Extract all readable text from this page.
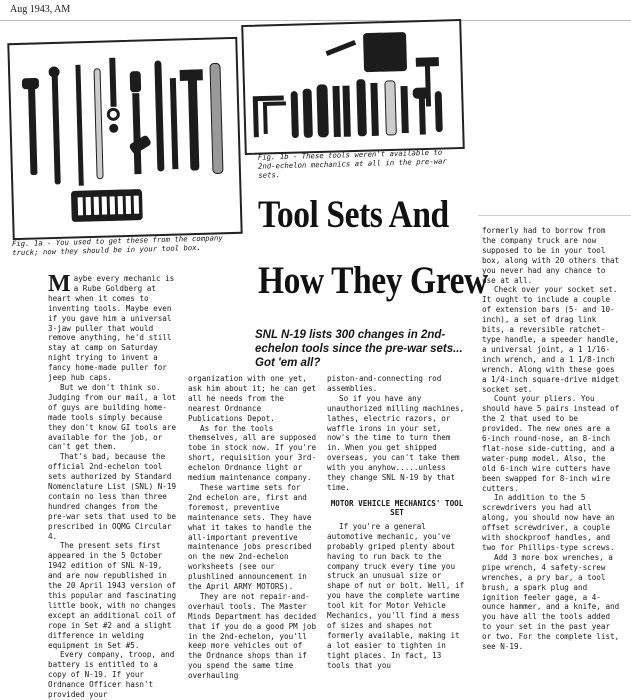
Aug 1943, AM
Fig. 1a - You used to get these from the company truck; now they should be in your tool box.
Fig. 1b - These tools weren't available to 2nd-echelon mechanics at all in the pre-war sets.
Tool Sets And
How They Grew
SNL N-19 lists 300 changes in 2nd-echelon tools since the pre-war sets... Got 'em all?

Maybe every mechanic is a Rube Goldberg at heart when it comes to inventing tools. Maybe even if you gave him a universal 3-jaw puller that would remove anything, he'd still stay at camp on Saturday night trying to invent a fancy home-made puller for jeep hub caps.

But we don't think so. Judging from our mail, a lot of guys are building home-made tools simply because they don't know GI tools are available for the job, or can't get them.

That's bad, because the official 2nd-echelon tool sets authorized by Standard Nomenclature List (SNL) N-19 contain no less than three hundred changes from the pre-war sets that used to be prescribed in OQMG Circular 4.

The present sets first appeared in the 5 October 1942 edition of SNL N-19, and are now republished in the 20 April 1943 version of this popular and fascinating little book, with no changes except an additional coil of rope in Set #2 and a slight difference in welding equipment in Set #5.

Every company, troop, and battery is entitled to a copy of N-19. If your Ordnance Officer hasn't provided your

organization with one yet, ask him about it; he can get all he needs from the nearest Ordnance Publications Depot.

As for the tools themselves, all are supposed tobe in stock now. If you're short, requisition your 3rd-echelon Ordnance light or medium maintenance company.

These wartime sets for 2nd echelon are, first and foremost, preventive maintenance sets. They have what it takes to handle the all-important preventive maintenance jobs prescribed on the new 2nd-echelon worksheets (see our plushlined announcement in the April ARMY MOTORS).

They are not repair-and-overhaul tools. The Master Minds Department has decided that if you do a good PM job in the 2nd-echelon, you'll keep more vehicles out of the Ordnance shops than if you spend the same time overhauling

piston-and-connecting rod assemblies.

So if you have any unauthorized milling machines, lathes, electric razors, or waffle irons in your set, now's the time to turn them in. When you get shipped overseas, you can't take them with you anyhow.....unless they change SNL N-19 by that time.

MOTOR VEHICLE MECHANICS' TOOL SET

If you're a general automotive mechanic, you've probably griped plenty about having to run back to the company truck every time you struck an unusual size or shape of nut or bolt. Well, if you have the complete wartime tool kit for Motor Vehicle Mechanics, you'll find a mess of sizes and shapes not formerly available, making it a lot easier to tighten in tight places. In fact, 13 tools that you

formerly had to borrow from the company truck are now supposed to be in your tool box, along with 20 others that you never had any chance to use at all.

Check over your socket set. It ought to include a couple of extension bars (5- and 10-inch), a set of drag link bits, a reversible ratchet-type handle, a speeder handle, a universal joint, a 1 1/16-inch wrench, and a 1 1/8-inch wrench. Along with these goes a 1/4-inch square-drive midget socket set.

Count your pliers. You should have 5 pairs instead of the 2 that used to be provided. The new ones are a 6-inch round-nose, an 8-inch flat-nose side-cutting, and a water-pump model. Also, the old 6-inch wire cutters have been swapped for 8-inch wire cutters.

In addition to the 5 screwdrivers you had all along, you should now have an offset screwdriver, a couple with shockproof handles, and two for Phillips-type screws.

Add 3 more box wrenches, a pipe wrench, 4 safety-screw wrenches, a pry bar, a tool brush, a spark plug and ignition feeler gage, a 4-ounce hammer, and a knife, and you have all the tools added to your set in the past year or two. For the complete list, see N-19.
